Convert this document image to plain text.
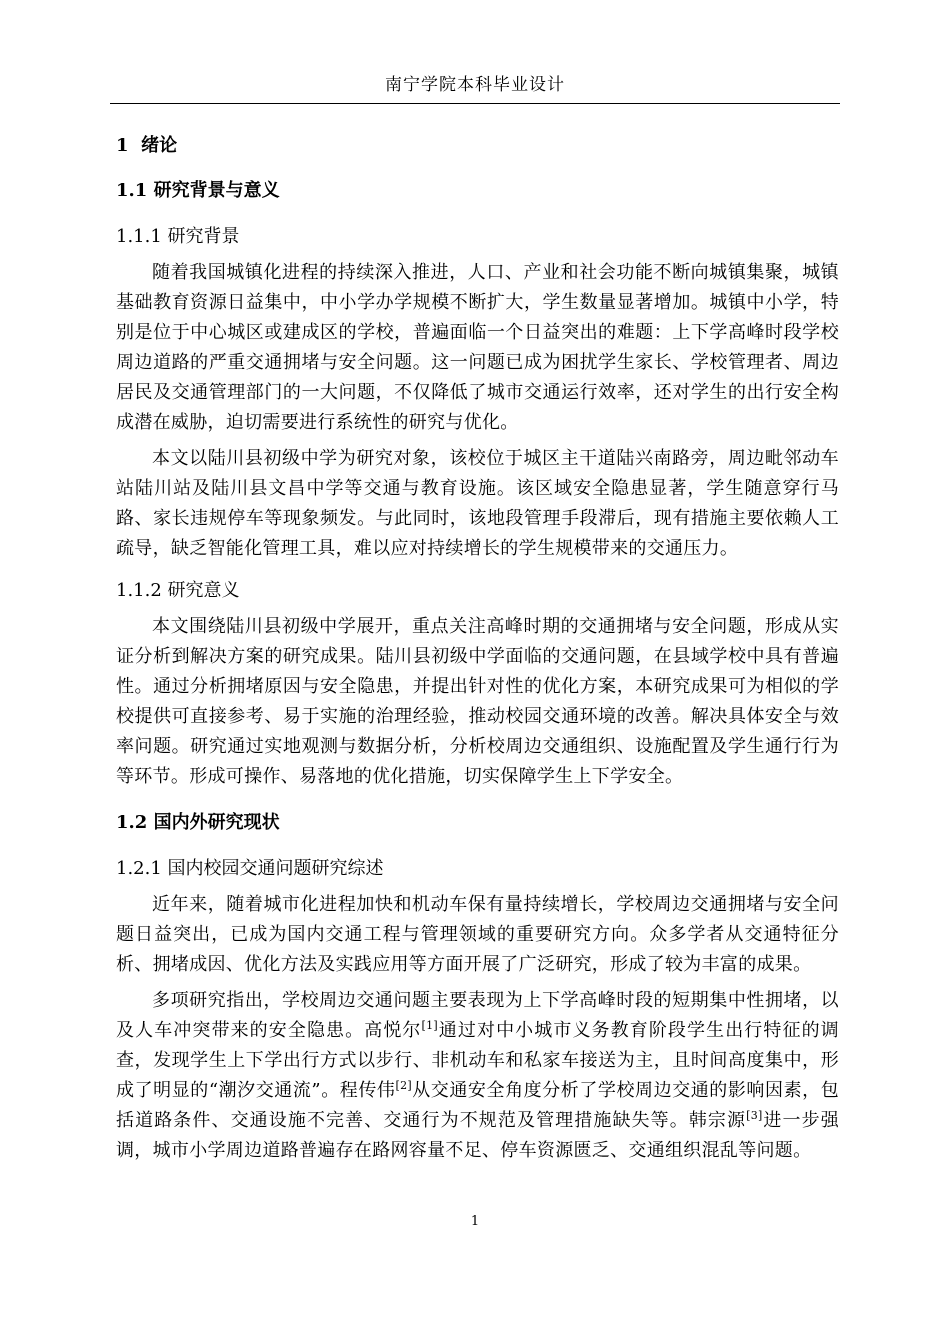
南宁学院本科毕业设计
1 绪论
1.1 研究背景与意义
1.1.1 研究背景

随着我国城镇化进程的持续深入推进，人口、产业和社会功能不断向城镇集聚，城镇基础教育资源日益集中，中小学办学规模不断扩大，学生数量显著增加。城镇中小学，特别是位于中心城区或建成区的学校，普遍面临一个日益突出的难题：上下学高峰时段学校周边道路的严重交通拥堵与安全问题。这一问题已成为困扰学生家长、学校管理者、周边居民及交通管理部门的一大问题，不仅降低了城市交通运行效率，还对学生的出行安全构成潜在威胁，迫切需要进行系统性的研究与优化。

本文以陆川县初级中学为研究对象，该校位于城区主干道陆兴南路旁，周边毗邻动车站陆川站及陆川县文昌中学等交通与教育设施。该区域安全隐患显著，学生随意穿行马路、家长违规停车等现象频发。与此同时，该地段管理手段滞后，现有措施主要依赖人工疏导，缺乏智能化管理工具，难以应对持续增长的学生规模带来的交通压力。

1.1.2 研究意义

本文围绕陆川县初级中学展开，重点关注高峰时期的交通拥堵与安全问题，形成从实证分析到解决方案的研究成果。陆川县初级中学面临的交通问题，在县域学校中具有普遍性。通过分析拥堵原因与安全隐患，并提出针对性的优化方案，本研究成果可为相似的学校提供可直接参考、易于实施的治理经验，推动校园交通环境的改善。解决具体安全与效率问题。研究通过实地观测与数据分析，分析校周边交通组织、设施配置及学生通行行为等环节。形成可操作、易落地的优化措施，切实保障学生上下学安全。

1.2 国内外研究现状
1.2.1 国内校园交通问题研究综述

近年来，随着城市化进程加快和机动车保有量持续增长，学校周边交通拥堵与安全问题日益突出，已成为国内交通工程与管理领域的重要研究方向。众多学者从交通特征分析、拥堵成因、优化方法及实践应用等方面开展了广泛研究，形成了较为丰富的成果。

多项研究指出，学校周边交通问题主要表现为上下学高峰时段的短期集中性拥堵，以及人车冲突带来的安全隐患。高悦尔[1]通过对中小城市义务教育阶段学生出行特征的调查，发现学生上下学出行方式以步行、非机动车和私家车接送为主，且时间高度集中，形成了明显的“潮汐交通流”。程传伟[2]从交通安全角度分析了学校周边交通的影响因素，包括道路条件、交通设施不完善、交通行为不规范及管理措施缺失等。韩宗源[3]进一步强调，城市小学周边道路普遍存在路网容量不足、停车资源匮乏、交通组织混乱等问题。

1
